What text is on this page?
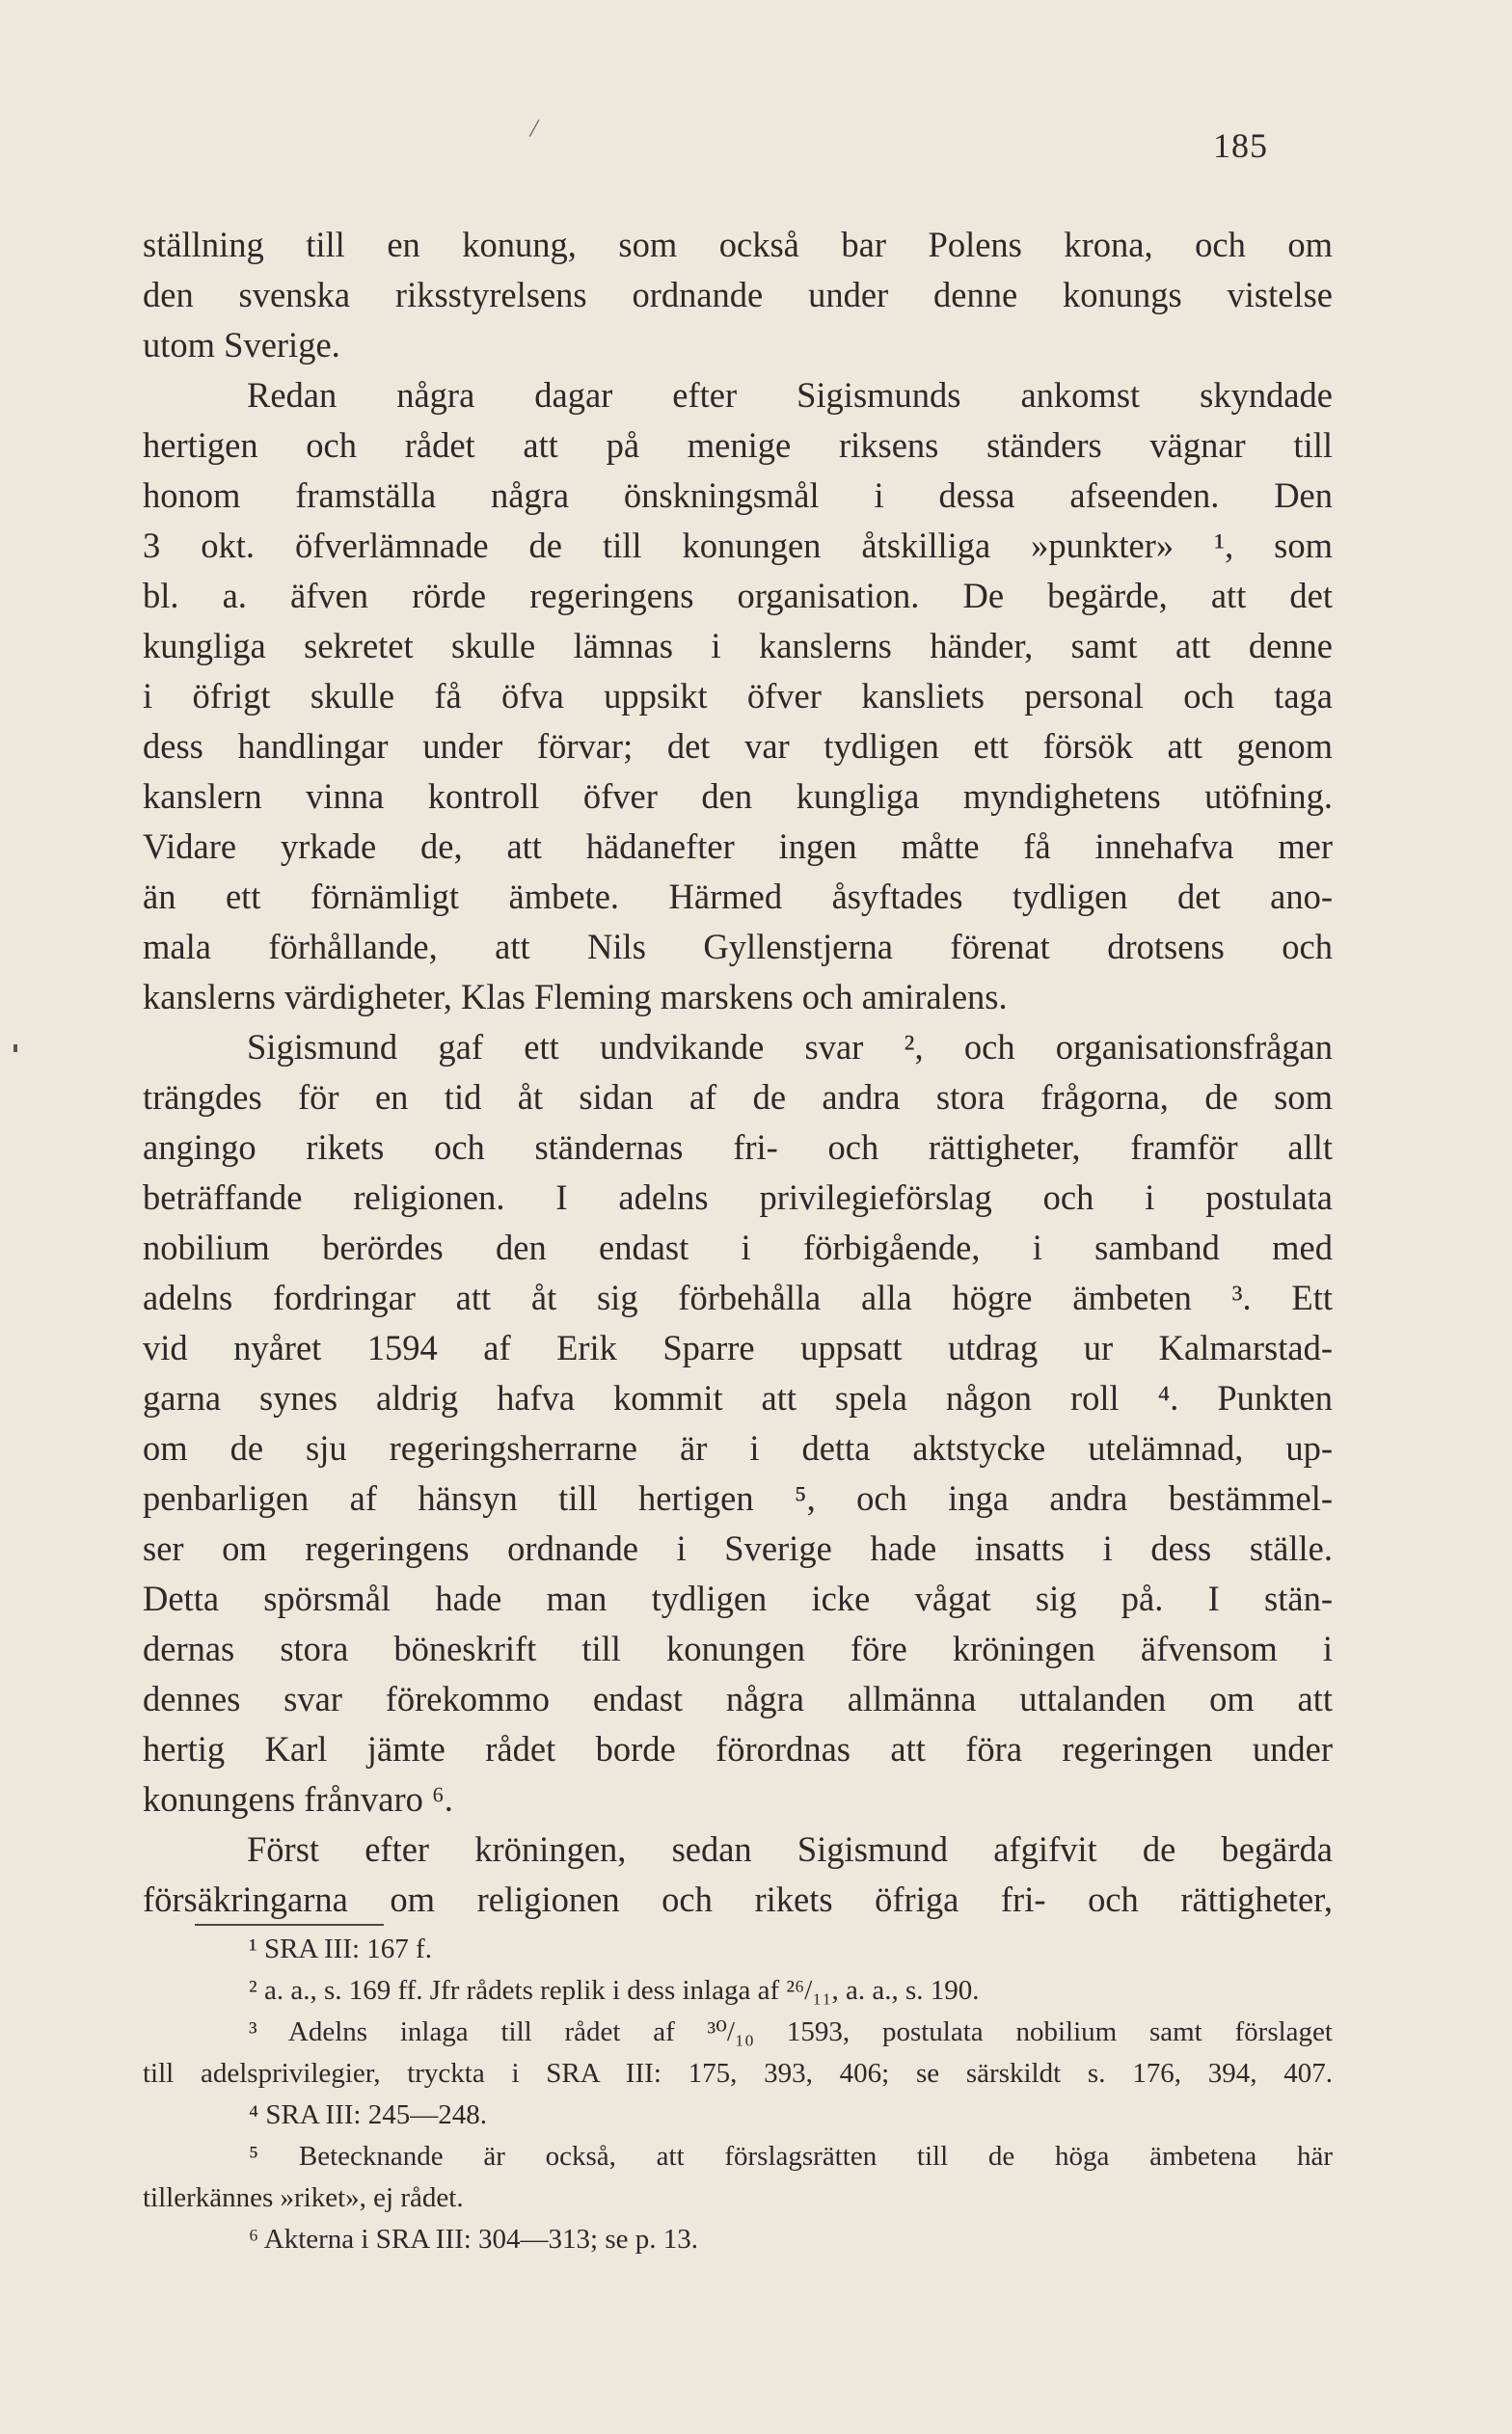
/	185
ställning till en konung, som också bar Polens krona, och om
den svenska riksstyrelsens ordnande under denne konungs vistelse
utom Sverige.
Redan några dagar efter Sigismunds ankomst skyndade
hertigen och rådet att på menige riksens ständers vägnar till
honom framställa några önskningsmål i dessa afseenden. Den
3 okt. öfverlämnade de till konungen åtskilliga »punkter» ¹, som
bl. a. äfven rörde regeringens organisation. De begärde, att det
kungliga sekretet skulle lämnas i kanslerns händer, samt att denne
i öfrigt skulle få öfva uppsikt öfver kansliets personal och taga
dess handlingar under förvar; det var tydligen ett försök att genom
kanslern vinna kontroll öfver den kungliga myndighetens utöfning.
Vidare yrkade de, att hädanefter ingen måtte få innehafva mer
än ett förnämligt ämbete. Härmed åsyftades tydligen det ano-
mala förhållande, att Nils Gyllenstjerna förenat drotsens och
kanslerns värdigheter, Klas Fleming marskens och amiralens.
Sigismund gaf ett undvikande svar ², och organisationsfrågan
trängdes för en tid åt sidan af de andra stora frågorna, de som
angingo rikets och ständernas fri- och rättigheter, framför allt
beträffande religionen. I adelns privilegieförslag och i postulata
nobilium berördes den endast i förbigående, i samband med
adelns fordringar att åt sig förbehålla alla högre ämbeten ³. Ett
vid nyåret 1594 af Erik Sparre uppsatt utdrag ur Kalmarstad-
garna synes aldrig hafva kommit att spela någon roll ⁴. Punkten
om de sju regeringsherrarne är i detta aktstycke utelämnad, up-
penbarligen af hänsyn till hertigen ⁵, och inga andra bestämmel-
ser om regeringens ordnande i Sverige hade insatts i dess ställe.
Detta spörsmål hade man tydligen icke vågat sig på. I stän-
dernas stora böneskrift till konungen före kröningen äfvensom i
dennes svar förekommo endast några allmänna uttalanden om att
hertig Karl jämte rådet borde förordnas att föra regeringen under
konungens frånvaro ⁶.
Först efter kröningen, sedan Sigismund afgifvit de begärda
försäkringarna om religionen och rikets öfriga fri- och rättigheter,
¹ SRA III: 167 f.
² a. a., s. 169 ff. Jfr rådets replik i dess inlaga af ²⁶/₁₁, a. a., s. 190.
³ Adelns inlaga till rådet af ³⁰/₁₀ 1593, postulata nobilium samt förslaget
till adelsprivilegier, tryckta i SRA III: 175, 393, 406; se särskildt s. 176, 394, 407.
⁴ SRA III: 245—248.
⁵ Betecknande är också, att förslagsrätten till de höga ämbetena här
tillerkännes »riket», ej rådet.
⁶ Akterna i SRA III: 304—313; se p. 13.
